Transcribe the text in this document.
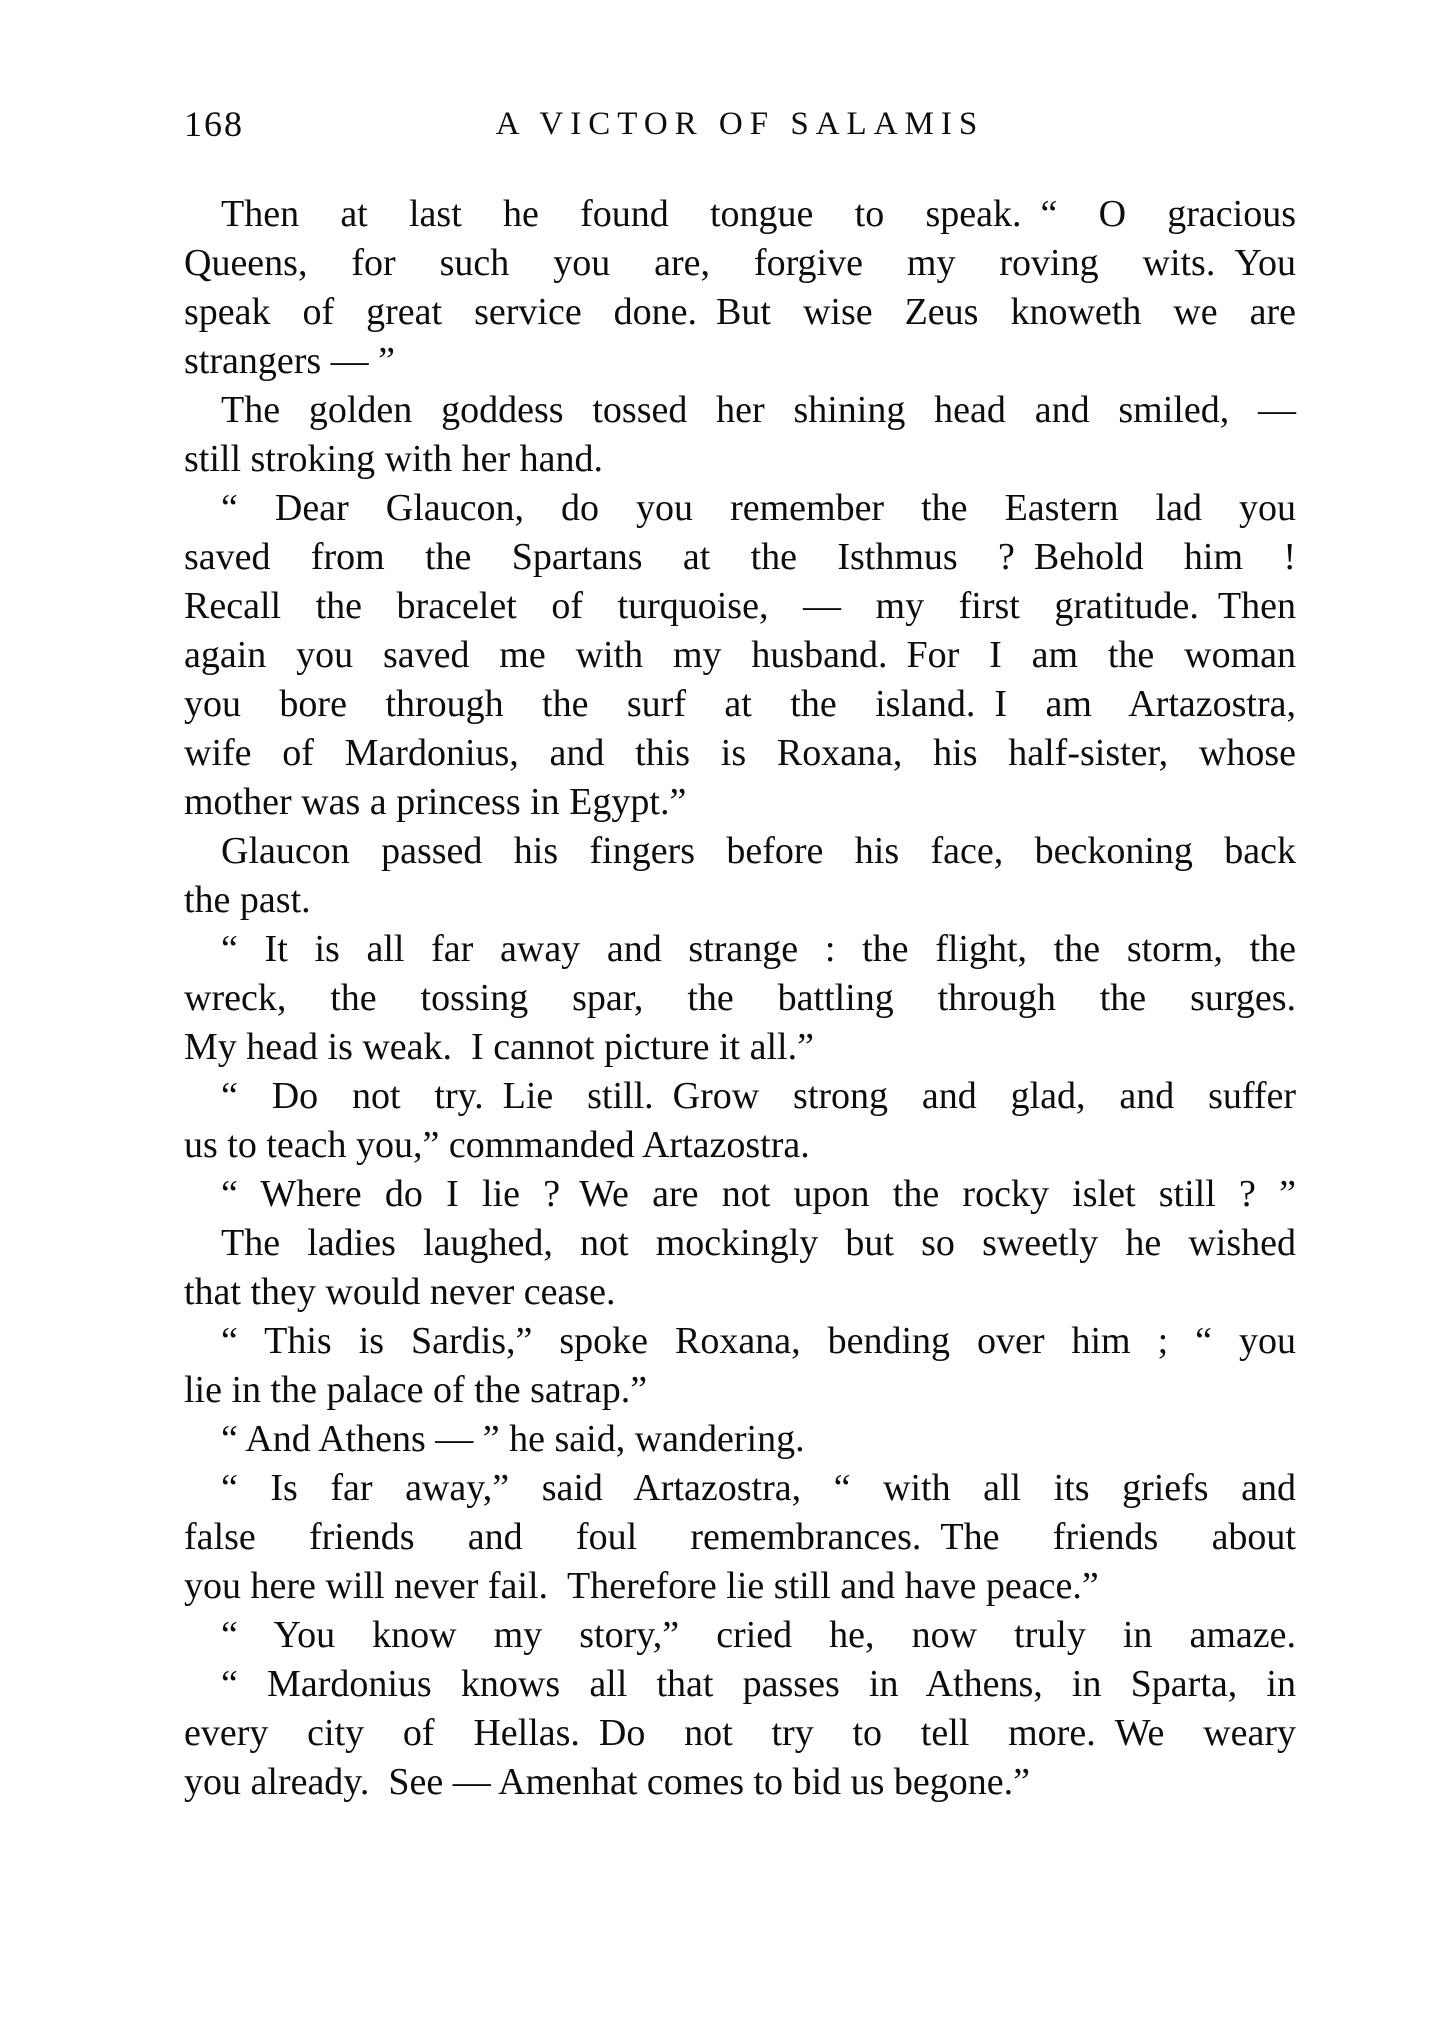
168	A VICTOR OF SALAMIS

Then at last he found tongue to speak. “ O gracious
Queens, for such you are, forgive my roving wits. You
speak of great service done. But wise Zeus knoweth we are
strangers — ”

The golden goddess tossed her shining head and smiled, —
still stroking with her hand.

“ Dear Glaucon, do you remember the Eastern lad you
saved from the Spartans at the Isthmus ? Behold him !
Recall the bracelet of turquoise, — my first gratitude. Then
again you saved me with my husband. For I am the woman
you bore through the surf at the island. I am Artazostra,
wife of Mardonius, and this is Roxana, his half-sister, whose
mother was a princess in Egypt.”

Glaucon passed his fingers before his face, beckoning back
the past.

“ It is all far away and strange : the flight, the storm, the
wreck, the tossing spar, the battling through the surges.
My head is weak. I cannot picture it all.”

“ Do not try. Lie still. Grow strong and glad, and suffer
us to teach you,” commanded Artazostra.

“ Where do I lie ? We are not upon the rocky islet still ? ”

The ladies laughed, not mockingly but so sweetly he wished
that they would never cease.

“ This is Sardis,” spoke Roxana, bending over him ; “ you
lie in the palace of the satrap.”

“ And Athens — ” he said, wandering.

“ Is far away,” said Artazostra, “ with all its griefs and
false friends and foul remembrances. The friends about
you here will never fail. Therefore lie still and have peace.”

“ You know my story,” cried he, now truly in amaze.

“ Mardonius knows all that passes in Athens, in Sparta, in
every city of Hellas. Do not try to tell more. We weary
you already. See — Amenhat comes to bid us begone.”
